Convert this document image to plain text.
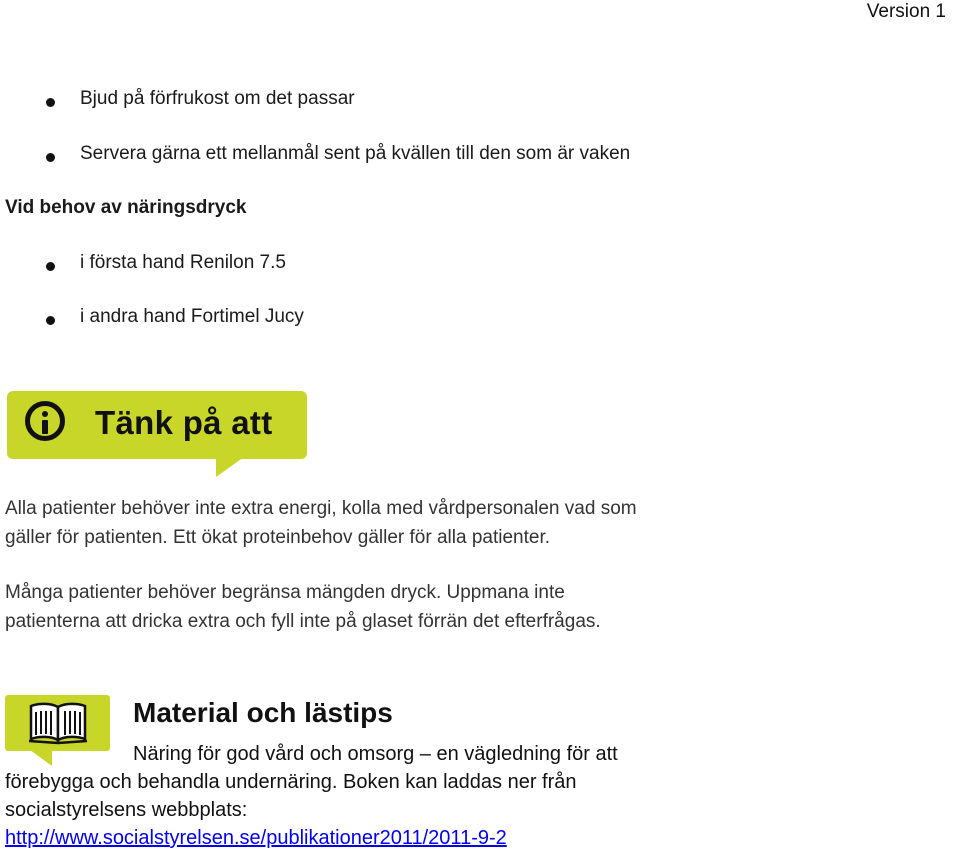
Version 1
Bjud på förfrukost om det passar
Servera gärna ett mellanmål sent på kvällen till den som är vaken
Vid behov av näringsdryck
i första hand Renilon 7.5
i andra hand Fortimel Jucy
Tänk på att
Alla patienter behöver inte extra energi, kolla med vårdpersonalen vad som
gäller för patienten. Ett ökat proteinbehov gäller för alla patienter.
Många patienter behöver begränsa mängden dryck. Uppmana inte
patienterna att dricka extra och fyll inte på glaset förrän det efterfrågas.
Material och lästips
Näring för god vård och omsorg – en vägledning för att
förebygga och behandla undernäring. Boken kan laddas ner från
socialstyrelsens webbplats:
http://www.socialstyrelsen.se/publikationer2011/2011-9-2
